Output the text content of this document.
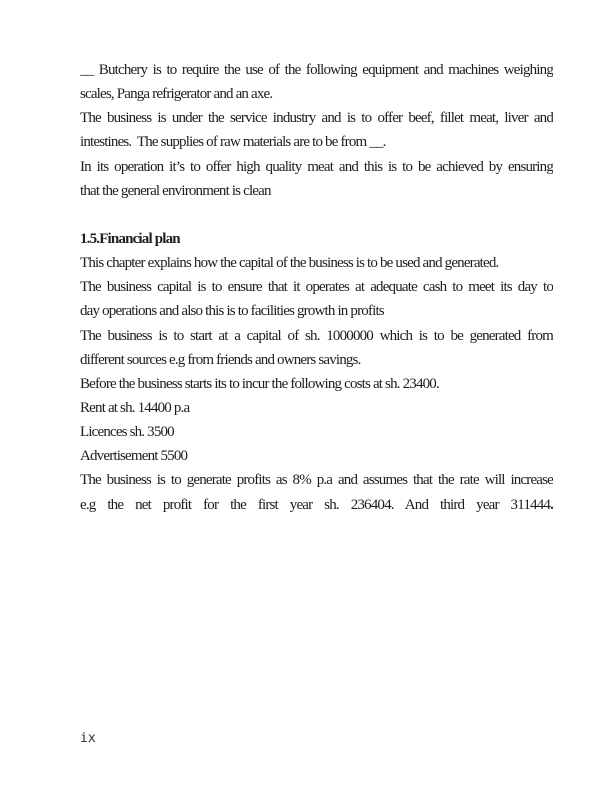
__ Butchery is to require the use of the following equipment and machines weighing
scales, Panga refrigerator and an axe.
The business is under the service industry and is to offer beef, fillet meat, liver and
intestines.  The supplies of raw materials are to be from __.
In its operation it’s to offer high quality meat and this is to be achieved by ensuring
that the general environment is clean
1.5.Financial plan
This chapter explains how the capital of the business is to be used and generated.
The business capital is to ensure that it operates at adequate cash to meet its day to
day operations and also this is to facilities growth in profits
The business is to start at a capital of sh. 1000000 which is to be generated from
different sources e.g from friends and owners savings.
Before the business starts its to incur the following costs at sh. 23400.
Rent at sh. 14400 p.a
Licences sh. 3500
Advertisement 5500
The business is to generate profits as 8% p.a and assumes that the rate will increase
e.g the net profit for the first year sh. 236404. And third year 311444.
ix
